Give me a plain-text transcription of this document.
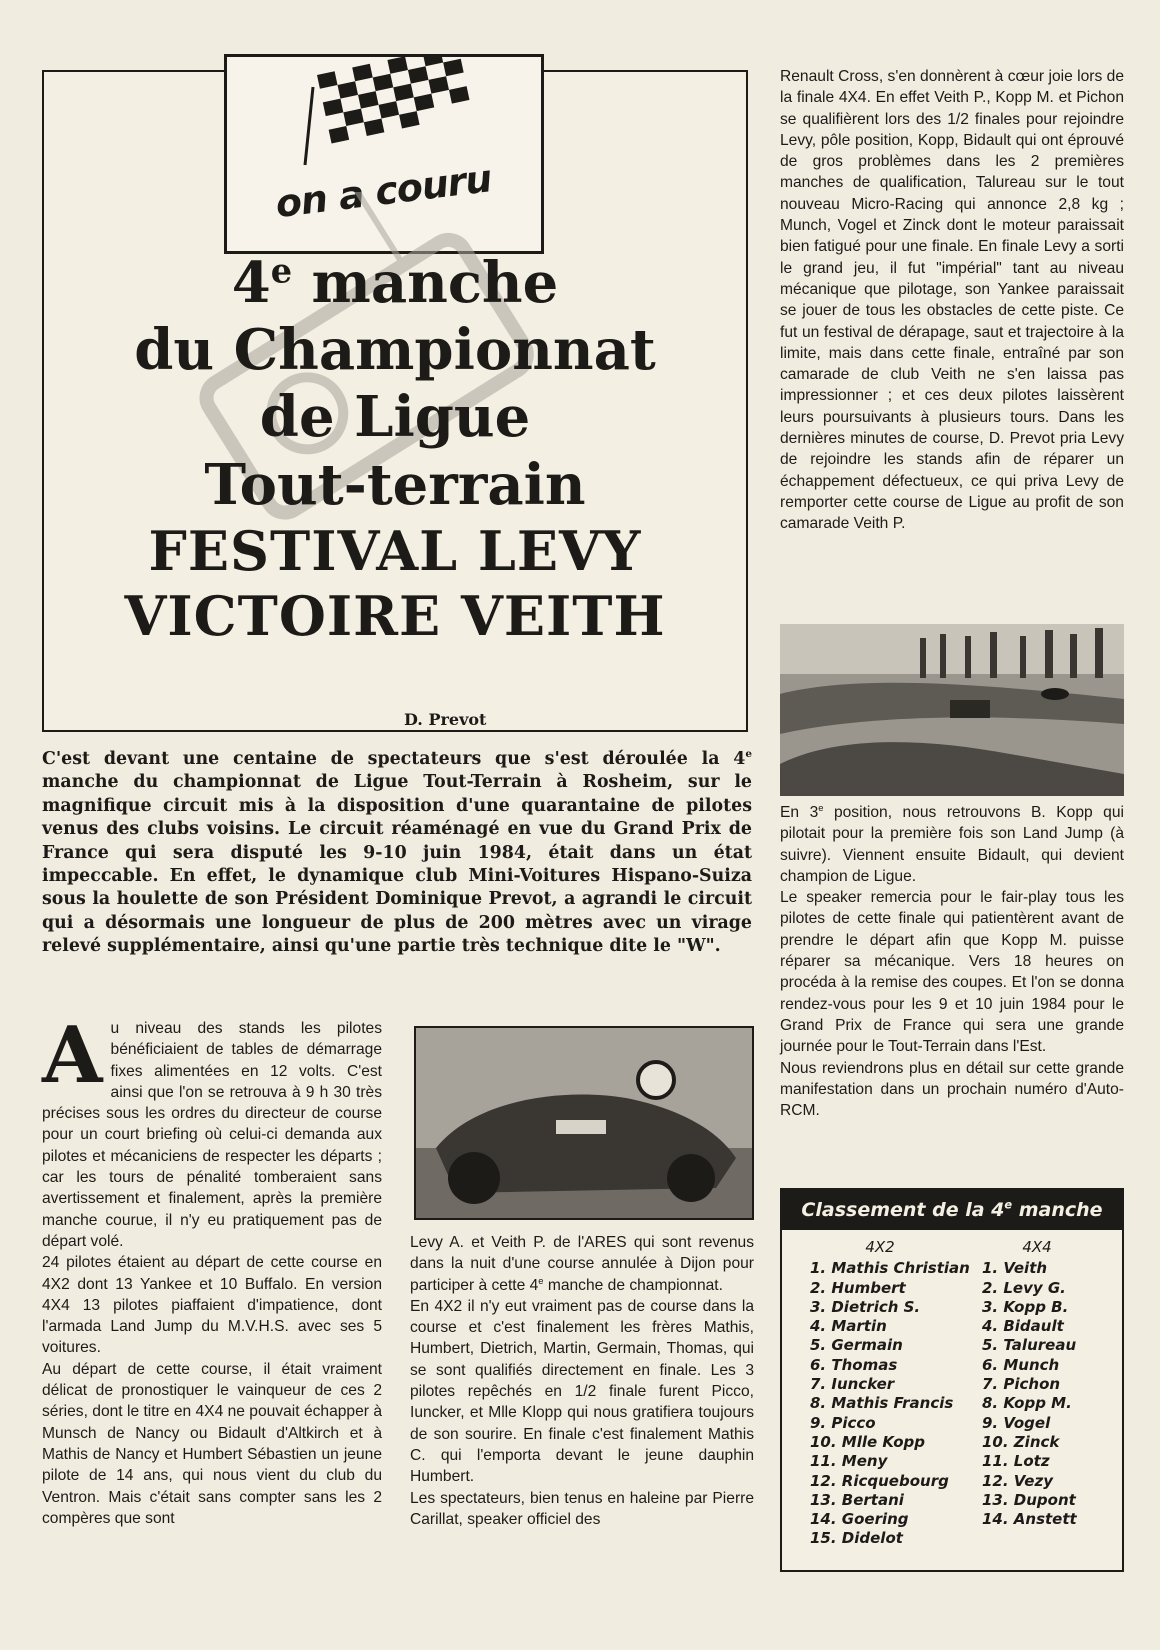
on a couru
4e manche
du Championnat
de Ligue
Tout-terrain
FESTIVAL LEVY
VICTOIRE VEITH
D. Prevot
C'est devant une centaine de spectateurs que s'est déroulée la 4e manche du championnat de Ligue Tout-Terrain à Rosheim, sur le magnifique circuit mis à la disposition d'une quarantaine de pilotes venus des clubs voisins. Le circuit réaménagé en vue du Grand Prix de France qui sera disputé les 9-10 juin 1984, était dans un état impeccable. En effet, le dynamique club Mini-Voitures Hispano-Suiza sous la houlette de son Président Dominique Prevot, a agrandi le circuit qui a désormais une longueur de plus de 200 mètres avec un virage relevé supplémentaire, ainsi qu'une partie très technique dite le "W".

Au niveau des stands les pilotes bénéficiaient de tables de démarrage fixes alimentées en 12 volts. C'est ainsi que l'on se retrouva à 9 h 30 très précises sous les ordres du directeur de course pour un court briefing où celui-ci demanda aux pilotes et mécaniciens de respecter les départs ; car les tours de pénalité tomberaient sans avertissement et finalement, après la première manche courue, il n'y eu pratiquement pas de départ volé.

24 pilotes étaient au départ de cette course en 4X2 dont 13 Yankee et 10 Buffalo. En version 4X4 13 pilotes piaffaient d'impatience, dont l'armada Land Jump du M.V.H.S. avec ses 5 voitures.

Au départ de cette course, il était vraiment délicat de pronostiquer le vainqueur de ces 2 séries, dont le titre en 4X4 ne pouvait échapper à Munsch de Nancy ou Bidault d'Altkirch et à Mathis de Nancy et Humbert Sébastien un jeune pilote de 14 ans, qui nous vient du club du Ventron. Mais c'était sans compter sans les 2 compères que sont

Levy A. et Veith P. de l'ARES qui sont revenus dans la nuit d'une course annulée à Dijon pour participer à cette 4e manche de championnat.

En 4X2 il n'y eut vraiment pas de course dans la course et c'est finalement les frères Mathis, Humbert, Dietrich, Martin, Germain, Thomas, qui se sont qualifiés directement en finale. Les 3 pilotes repêchés en 1/2 finale furent Picco, Iuncker, et Mlle Klopp qui nous gratifiera toujours de son sourire. En finale c'est finalement Mathis C. qui l'emporta devant le jeune dauphin Humbert.

Les spectateurs, bien tenus en haleine par Pierre Carillat, speaker officiel des

Renault Cross, s'en donnèrent à cœur joie lors de la finale 4X4. En effet Veith P., Kopp M. et Pichon se qualifièrent lors des 1/2 finales pour rejoindre Levy, pôle position, Kopp, Bidault qui ont éprouvé de gros problèmes dans les 2 premières manches de qualification, Talureau sur le tout nouveau Micro-Racing qui annonce 2,8 kg ; Munch, Vogel et Zinck dont le moteur paraissait bien fatigué pour une finale. En finale Levy a sorti le grand jeu, il fut "impérial" tant au niveau mécanique que pilotage, son Yankee paraissait se jouer de tous les obstacles de cette piste. Ce fut un festival de dérapage, saut et trajectoire à la limite, mais dans cette finale, entraîné par son camarade de club Veith ne s'en laissa pas impressionner ; et ces deux pilotes laissèrent leurs poursuivants à plusieurs tours. Dans les dernières minutes de course, D. Prevot pria Levy de rejoindre les stands afin de réparer un échappement défectueux, ce qui priva Levy de remporter cette course de Ligue au profit de son camarade Veith P.

En 3e position, nous retrouvons B. Kopp qui pilotait pour la première fois son Land Jump (à suivre). Viennent ensuite Bidault, qui devient champion de Ligue.

Le speaker remercia pour le fair-play tous les pilotes de cette finale qui patientèrent avant de prendre le départ afin que Kopp M. puisse réparer sa mécanique. Vers 18 heures on procéda à la remise des coupes. Et l'on se donna rendez-vous pour les 9 et 10 juin 1984 pour le Grand Prix de France qui sera une grande journée pour le Tout-Terrain dans l'Est.

Nous reviendrons plus en détail sur cette grande manifestation dans un prochain numéro d'Auto-RCM.

Classement de la 4e manche
4X2
1. Mathis Christian
2. Humbert
3. Dietrich S.
4. Martin
5. Germain
6. Thomas
7. Iuncker
8. Mathis Francis
9. Picco
10. Mlle Kopp
11. Meny
12. Ricquebourg
13. Bertani
14. Goering
15. Didelot
4X4
1. Veith
2. Levy G.
3. Kopp B.
4. Bidault
5. Talureau
6. Munch
7. Pichon
8. Kopp M.
9. Vogel
10. Zinck
11. Lotz
12. Vezy
13. Dupont
14. Anstett
